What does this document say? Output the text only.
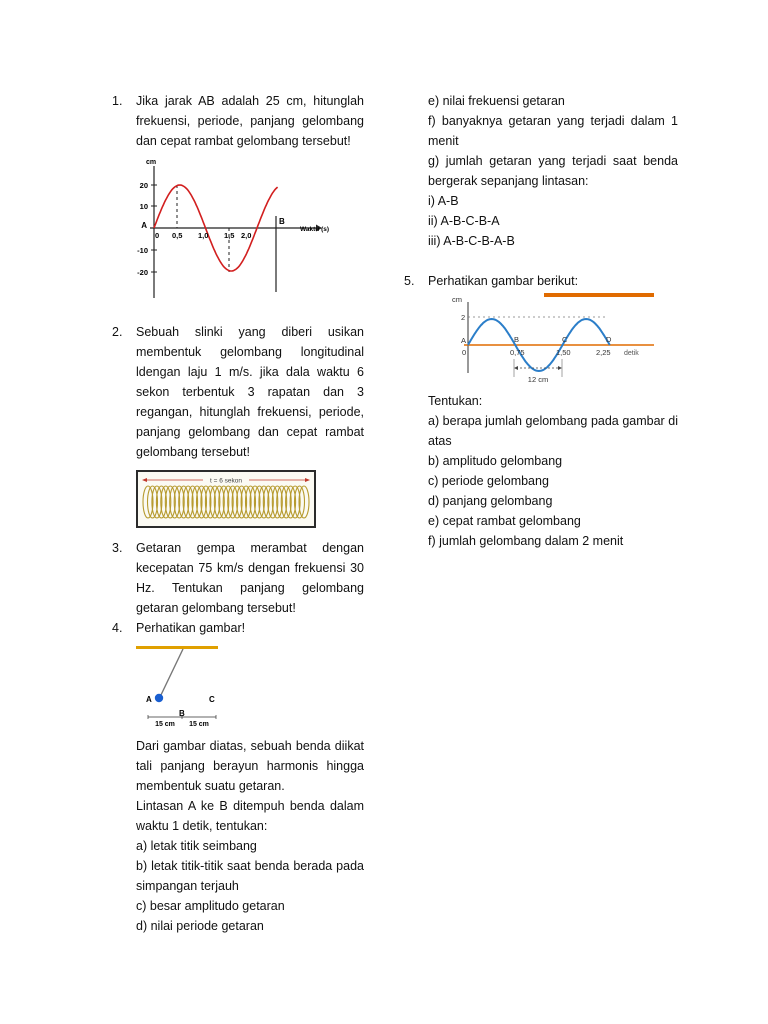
1.	Jika jarak AB adalah 25 cm, hitunglah frekuensi, periode, panjang gelombang dan cepat rambat gelombang tersebut!

cm
20
10
A
-10
-20
0 0,5 1,0 1,5 2,0
B
Waktu (s)
2.	Sebuah slinki yang diberi usikan membentuk gelombang longitudinal ldengan laju 1 m/s. jika dala waktu 6 sekon terbentuk 3 rapatan dan 3 regangan, hitunglah frekuensi, periode, panjang gelombang dan cepat rambat gelombang tersebut!

t = 6 sekon
3.	Getaran gempa merambat dengan kecepatan 75 km/s dengan frekuensi 30 Hz. Tentukan panjang gelombang getaran gelombang tersebut!

4.	Perhatikan gambar!

A
B
C
15 cm 15 cm

Dari gambar diatas, sebuah benda diikat tali panjang berayun harmonis hingga membentuk suatu getaran.

Lintasan A ke B ditempuh benda dalam waktu 1 detik, tentukan:

a) letak titik seimbang

b) letak titik-titik saat benda berada pada simpangan terjauh

c) besar amplitudo getaran

d) nilai periode getaran

e) nilai frekuensi getaran

f) banyaknya getaran yang terjadi dalam 1 menit

g) jumlah getaran yang terjadi saat benda bergerak sepanjang lintasan:

i) A-B

ii) A-B-C-B-A

iii) A-B-C-B-A-B

5.	Perhatikan gambar berikut:

cm
2
A
0
B	C	D
0,75	1,50	2,25 detik
12 cm

Tentukan:

a) berapa jumlah gelombang pada gambar di atas

b) amplitudo gelombang

c) periode gelombang

d) panjang gelombang

e) cepat rambat gelombang

f) jumlah gelombang dalam 2 menit
